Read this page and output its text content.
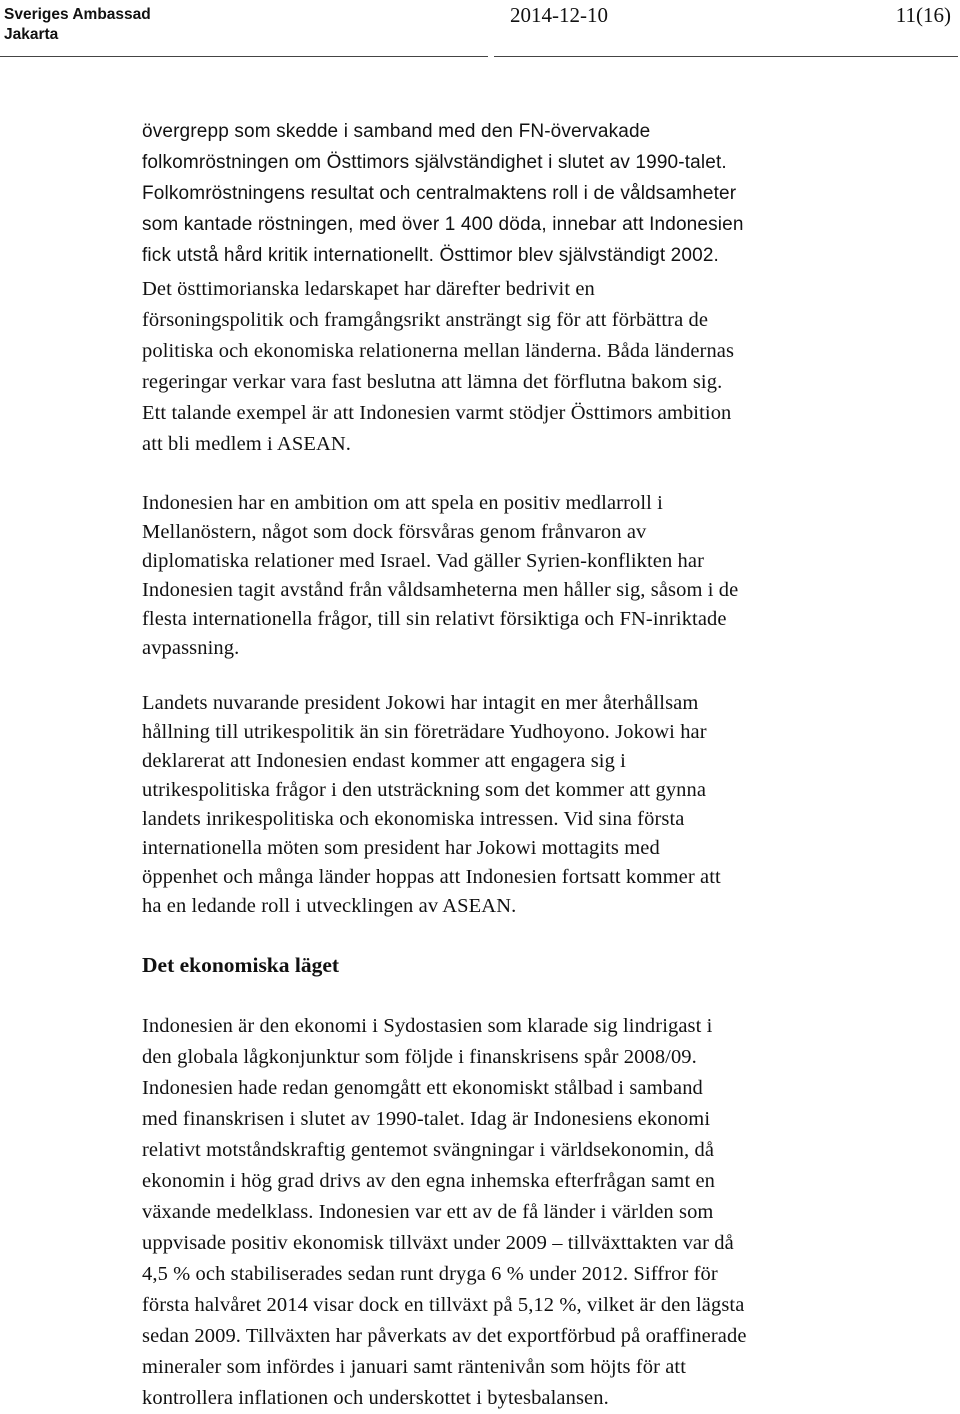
Sveriges Ambassad
Jakarta
2014-12-10	11(16)
övergrepp som skedde i samband med den FN-övervakade
folkomröstningen om Östtimors självständighet i slutet av 1990-talet.
Folkomröstningens resultat och centralmaktens roll i de våldsamheter
som kantade röstningen, med över 1 400 döda, innebar att Indonesien
fick utstå hård kritik internationellt. Östtimor blev självständigt 2002.
Det östtimorianska ledarskapet har därefter bedrivit en
försoningspolitik och framgångsrikt ansträngt sig för att förbättra de
politiska och ekonomiska relationerna mellan länderna. Båda ländernas
regeringar verkar vara fast beslutna att lämna det förflutna bakom sig.
Ett talande exempel är att Indonesien varmt stödjer Östtimors ambition
att bli medlem i ASEAN.
Indonesien har en ambition om att spela en positiv medlarroll i
Mellanöstern, något som dock försvåras genom frånvaron av
diplomatiska relationer med Israel. Vad gäller Syrien-konflikten har
Indonesien tagit avstånd från våldsamheterna men håller sig, såsom i de
flesta internationella frågor, till sin relativt försiktiga och FN-inriktade
avpassning.
Landets nuvarande president Jokowi har intagit en mer återhållsam
hållning till utrikespolitik än sin företrädare Yudhoyono. Jokowi har
deklarerat att Indonesien endast kommer att engagera sig i
utrikespolitiska frågor i den utsträckning som det kommer att gynna
landets inrikespolitiska och ekonomiska intressen. Vid sina första
internationella möten som president har Jokowi mottagits med
öppenhet och många länder hoppas att Indonesien fortsatt kommer att
ha en ledande roll i utvecklingen av ASEAN.
Det ekonomiska läget
Indonesien är den ekonomi i Sydostasien som klarade sig lindrigast i
den globala lågkonjunktur som följde i finanskrisens spår 2008/09.
Indonesien hade redan genomgått ett ekonomiskt stålbad i samband
med finanskrisen i slutet av 1990-talet. Idag är Indonesiens ekonomi
relativt motståndskraftig gentemot svängningar i världsekonomin, då
ekonomin i hög grad drivs av den egna inhemska efterfrågan samt en
växande medelklass. Indonesien var ett av de få länder i världen som
uppvisade positiv ekonomisk tillväxt under 2009 – tillväxttakten var då
4,5 % och stabiliserades sedan runt dryga 6 % under 2012. Siffror för
första halvåret 2014 visar dock en tillväxt på 5,12 %, vilket är den lägsta
sedan 2009. Tillväxten har påverkats av det exportförbud på oraffinerade
mineraler som infördes i januari samt räntenivån som höjts för att
kontrollera inflationen och underskottet i bytesbalansen.
